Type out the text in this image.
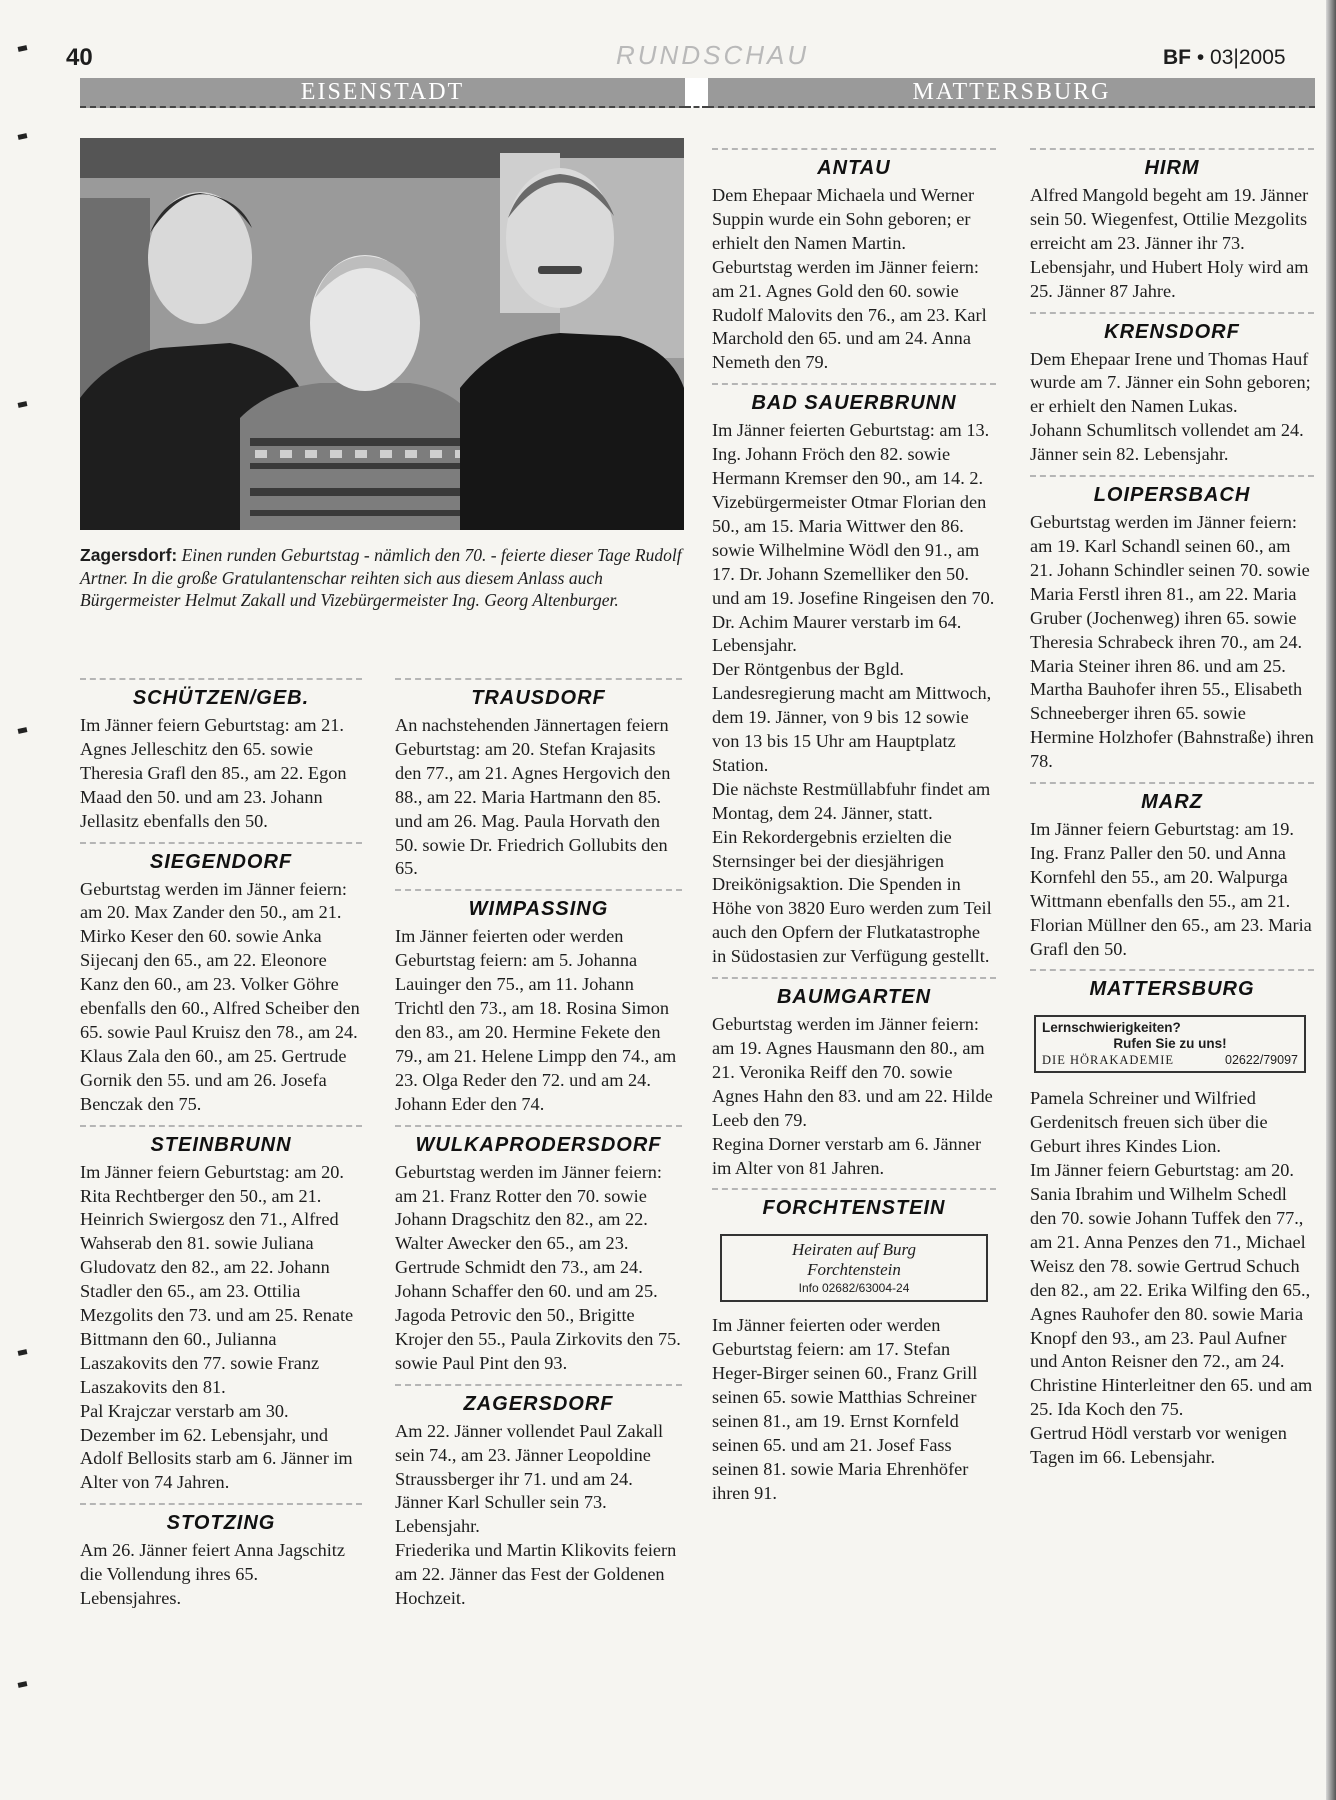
40	RUNDSCHAU	BF • 03|2005
EISENSTADT	MATTERSBURG
Zagersdorf: Einen runden Geburtstag - nämlich den 70. - feierte dieser Tage Rudolf Artner. In die große Gratulantenschar reihten sich aus diesem Anlass auch Bürgermeister Helmut Zakall und Vizebürgermeister Ing. Georg Altenburger.
SCHÜTZEN/GEB.

Im Jänner feiern Geburtstag: am 21. Agnes Jelleschitz den 65. sowie Theresia Grafl den 85., am 22. Egon Maad den 50. und am 23. Johann Jellasitz ebenfalls den 50.

SIEGENDORF

Geburtstag werden im Jänner feiern: am 20. Max Zander den 50., am 21. Mirko Keser den 60. sowie Anka Sijecanj den 65., am 22. Eleonore Kanz den 60., am 23. Volker Göhre ebenfalls den 60., Alfred Scheiber den 65. sowie Paul Kruisz den 78., am 24. Klaus Zala den 60., am 25. Gertrude Gornik den 55. und am 26. Josefa Benczak den 75.

STEINBRUNN

Im Jänner feiern Geburtstag: am 20. Rita Rechtberger den 50., am 21. Heinrich Swiergosz den 71., Alfred Wahserab den 81. sowie Juliana Gludovatz den 82., am 22. Johann Stadler den 65., am 23. Ottilia Mezgolits den 73. und am 25. Renate Bittmann den 60., Julianna Laszakovits den 77. sowie Franz Laszakovits den 81.

Pal Krajczar verstarb am 30. Dezember im 62. Lebensjahr, und Adolf Bellosits starb am 6. Jänner im Alter von 74 Jahren.

STOTZING

Am 26. Jänner feiert Anna Jagschitz die Vollendung ihres 65. Lebensjahres.

TRAUSDORF

An nachstehenden Jännertagen feiern Geburtstag: am 20. Stefan Krajasits den 77., am 21. Agnes Hergovich den 88., am 22. Maria Hartmann den 85. und am 26. Mag. Paula Horvath den 50. sowie Dr. Friedrich Gollubits den 65.

WIMPASSING

Im Jänner feierten oder werden Geburtstag feiern: am 5. Johanna Lauinger den 75., am 11. Johann Trichtl den 73., am 18. Rosina Simon den 83., am 20. Hermine Fekete den 79., am 21. Helene Limpp den 74., am 23. Olga Reder den 72. und am 24. Johann Eder den 74.

WULKAPRODERSDORF

Geburtstag werden im Jänner feiern: am 21. Franz Rotter den 70. sowie Johann Dragschitz den 82., am 22. Walter Awecker den 65., am 23. Gertrude Schmidt den 73., am 24. Johann Schaffer den 60. und am 25. Jagoda Petrovic den 50., Brigitte Krojer den 55., Paula Zirkovits den 75. sowie Paul Pint den 93.

ZAGERSDORF

Am 22. Jänner vollendet Paul Zakall sein 74., am 23. Jänner Leopoldine Straussberger ihr 71. und am 24. Jänner Karl Schuller sein 73. Lebensjahr.

Friederika und Martin Klikovits feiern am 22. Jänner das Fest der Goldenen Hochzeit.

ANTAU

Dem Ehepaar Michaela und Werner Suppin wurde ein Sohn geboren; er erhielt den Namen Martin.

Geburtstag werden im Jänner feiern: am 21. Agnes Gold den 60. sowie Rudolf Malovits den 76., am 23. Karl Marchold den 65. und am 24. Anna Nemeth den 79.

BAD SAUERBRUNN

Im Jänner feierten Geburtstag: am 13. Ing. Johann Fröch den 82. sowie Hermann Kremser den 90., am 14. 2. Vizebürgermeister Otmar Florian den 50., am 15. Maria Wittwer den 86. sowie Wilhelmine Wödl den 91., am 17. Dr. Johann Szemelliker den 50. und am 19. Josefine Ringeisen den 70.

Dr. Achim Maurer verstarb im 64. Lebensjahr.

Der Röntgenbus der Bgld. Landesregierung macht am Mittwoch, dem 19. Jänner, von 9 bis 12 sowie von 13 bis 15 Uhr am Hauptplatz Station.

Die nächste Restmüllabfuhr findet am Montag, dem 24. Jänner, statt.

Ein Rekordergebnis erzielten die Sternsinger bei der diesjährigen Dreikönigsaktion. Die Spenden in Höhe von 3820 Euro werden zum Teil auch den Opfern der Flutkatastrophe in Südostasien zur Verfügung gestellt.

BAUMGARTEN

Geburtstag werden im Jänner feiern: am 19. Agnes Hausmann den 80., am 21. Veronika Reiff den 70. sowie Agnes Hahn den 83. und am 22. Hilde Leeb den 79.

Regina Dorner verstarb am 6. Jänner im Alter von 81 Jahren.

FORCHTENSTEIN
Heiraten auf Burg
Forchtenstein
Info 02682/63004-24

Im Jänner feierten oder werden Geburtstag feiern: am 17. Stefan Heger-Birger seinen 60., Franz Grill seinen 65. sowie Matthias Schreiner seinen 81., am 19. Ernst Kornfeld seinen 65. und am 21. Josef Fass seinen 81. sowie Maria Ehrenhöfer ihren 91.

HIRM

Alfred Mangold begeht am 19. Jänner sein 50. Wiegenfest, Ottilie Mezgolits erreicht am 23. Jänner ihr 73. Lebensjahr, und Hubert Holy wird am 25. Jänner 87 Jahre.

KRENSDORF

Dem Ehepaar Irene und Thomas Hauf wurde am 7. Jänner ein Sohn geboren; er erhielt den Namen Lukas.

Johann Schumlitsch vollendet am 24. Jänner sein 82. Lebensjahr.

LOIPERSBACH

Geburtstag werden im Jänner feiern: am 19. Karl Schandl seinen 60., am 21. Johann Schindler seinen 70. sowie Maria Ferstl ihren 81., am 22. Maria Gruber (Jochenweg) ihren 65. sowie Theresia Schrabeck ihren 70., am 24. Maria Steiner ihren 86. und am 25. Martha Bauhofer ihren 55., Elisabeth Schneeberger ihren 65. sowie Hermine Holzhofer (Bahnstraße) ihren 78.

MARZ

Im Jänner feiern Geburtstag: am 19. Ing. Franz Paller den 50. und Anna Kornfehl den 55., am 20. Walpurga Wittmann ebenfalls den 55., am 21. Florian Müllner den 65., am 23. Maria Grafl den 50.

MATTERSBURG
Lernschwierigkeiten?
Rufen Sie zu uns!
DIE HÖRAKADEMIE	02622/79097

Pamela Schreiner und Wilfried Gerdenitsch freuen sich über die Geburt ihres Kindes Lion.

Im Jänner feiern Geburtstag: am 20. Sania Ibrahim und Wilhelm Schedl den 70. sowie Johann Tuffek den 77., am 21. Anna Penzes den 71., Michael Weisz den 78. sowie Gertrud Schuch den 82., am 22. Erika Wilfing den 65., Agnes Rauhofer den 80. sowie Maria Knopf den 93., am 23. Paul Aufner und Anton Reisner den 72., am 24. Christine Hinterleitner den 65. und am 25. Ida Koch den 75.

Gertrud Hödl verstarb vor wenigen Tagen im 66. Lebensjahr.
